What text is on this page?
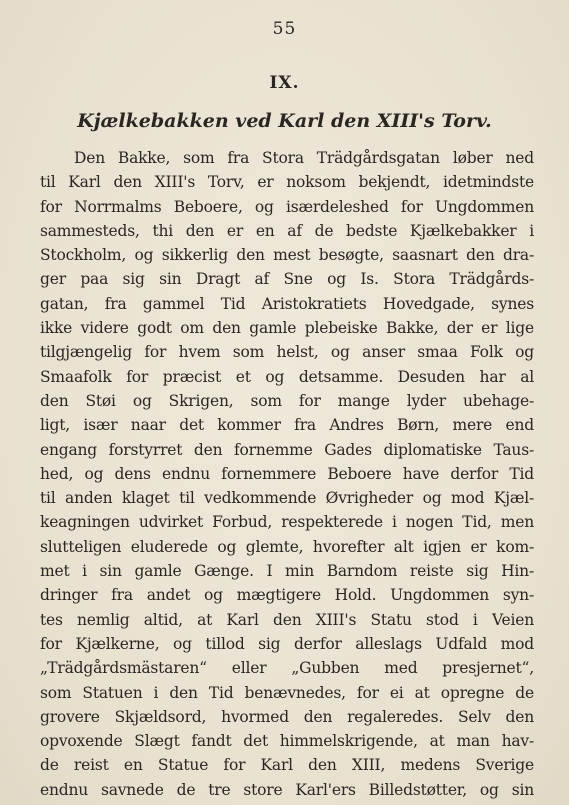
55
IX.
Kjælkebakken ved Karl den XIII's Torv.
Den Bakke, som fra Stora Trädgårdsgatan løber ned
til Karl den XIII's Torv, er noksom bekjendt, idetmindste
for Norrmalms Beboere, og isærdeleshed for Ungdommen
sammesteds, thi den er en af de bedste Kjælkebakker i
Stockholm, og sikkerlig den mest besøgte, saasnart den dra-
ger paa sig sin Dragt af Sne og Is. Stora Trädgårds-
gatan, fra gammel Tid Aristokratiets Hovedgade, synes
ikke videre godt om den gamle plebeiske Bakke, der er lige
tilgjængelig for hvem som helst, og anser smaa Folk og
Smaafolk for præcist et og detsamme. Desuden har al
den Støi og Skrigen, som for mange lyder ubehage-
ligt, især naar det kommer fra Andres Børn, mere end
engang forstyrret den fornemme Gades diplomatiske Taus-
hed, og dens endnu fornemmere Beboere have derfor Tid
til anden klaget til vedkommende Øvrigheder og mod Kjæl-
keagningen udvirket Forbud, respekterede i nogen Tid, men
slutteligen eluderede og glemte, hvorefter alt igjen er kom-
met i sin gamle Gænge. I min Barndom reiste sig Hin-
dringer fra andet og mægtigere Hold. Ungdommen syn-
tes nemlig altid, at Karl den XIII's Statu stod i Veien
for Kjælkerne, og tillod sig derfor alleslags Udfald mod
„Trädgårdsmästaren“ eller „Gubben med presjernet“,
som Statuen i den Tid benævnedes, for ei at opregne de
grovere Skjældsord, hvormed den regaleredes. Selv den
opvoxende Slægt fandt det himmelskrigende, at man hav-
de reist en Statue for Karl den XIII, medens Sverige
endnu savnede de tre store Karl'ers Billedstøtter, og sin
